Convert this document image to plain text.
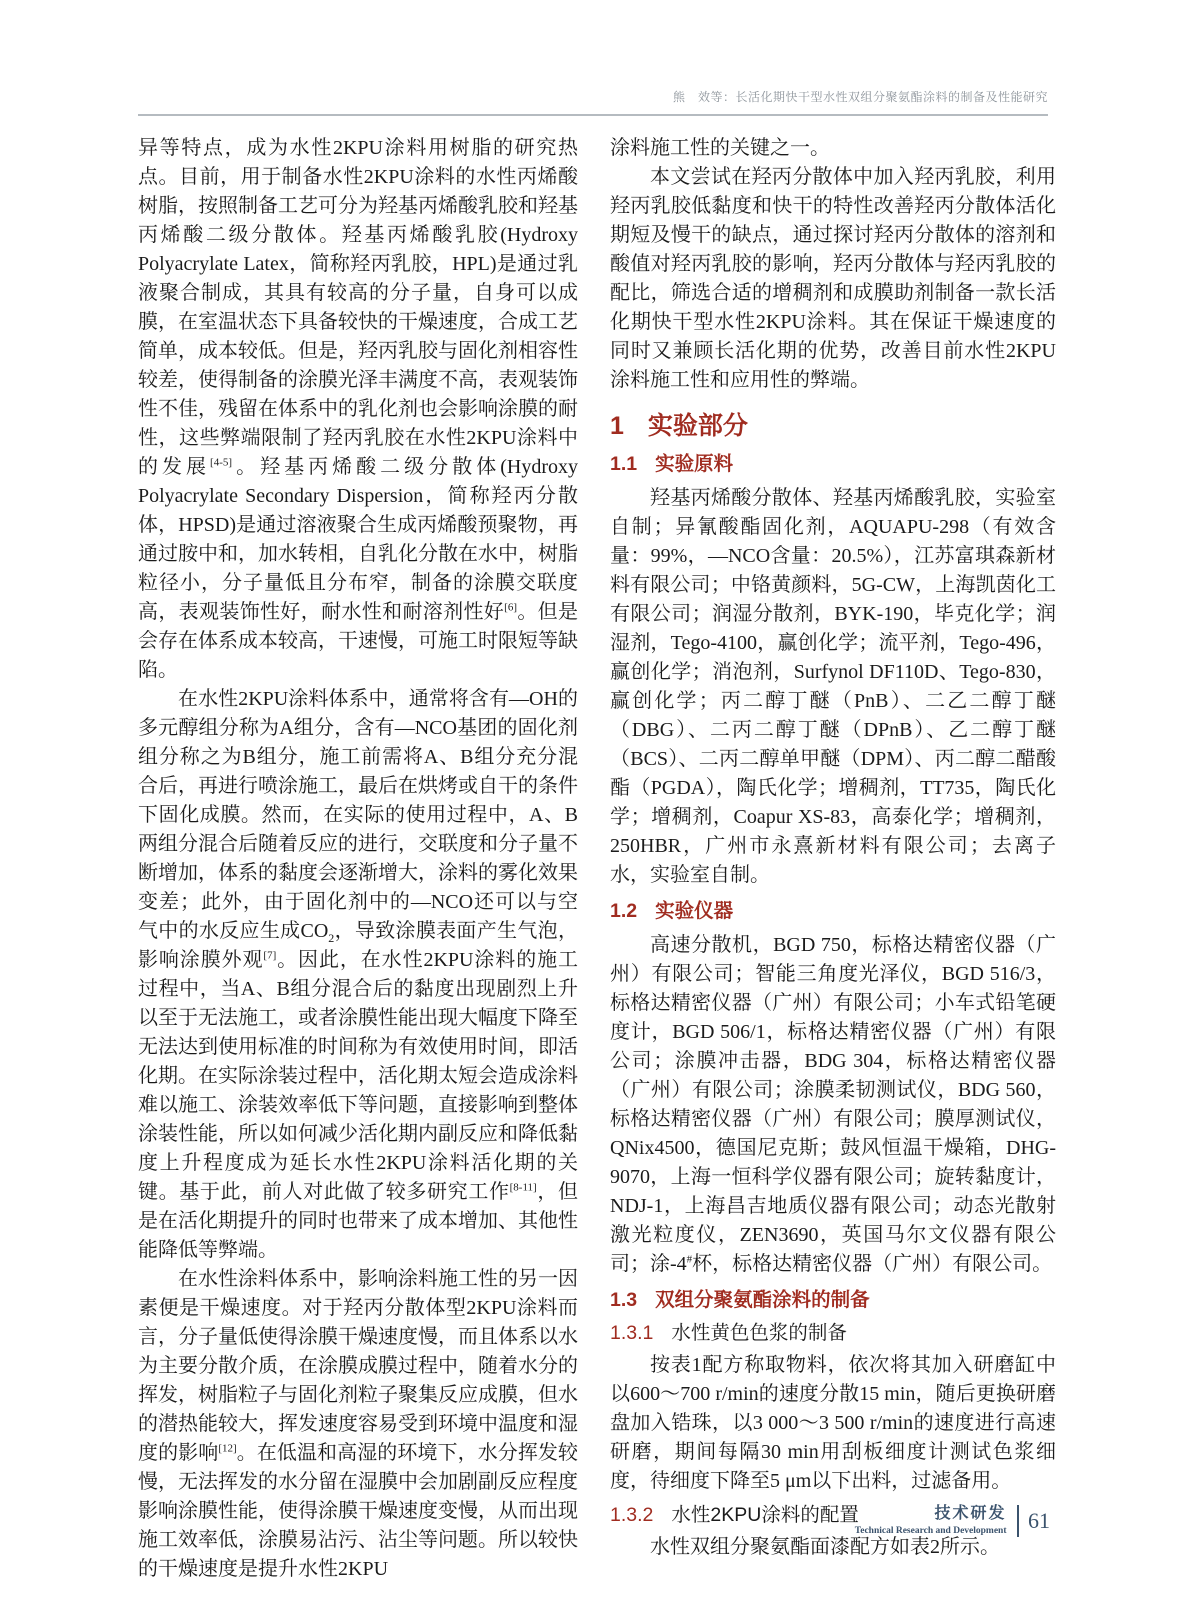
熊　效等：长活化期快干型水性双组分聚氨酯涂料的制备及性能研究

异等特点，成为水性2KPU涂料用树脂的研究热点。目前，用于制备水性2KPU涂料的水性丙烯酸树脂，按照制备工艺可分为羟基丙烯酸乳胶和羟基丙烯酸二级分散体。羟基丙烯酸乳胶(Hydroxy Polyacrylate Latex，简称羟丙乳胶，HPL)是通过乳液聚合制成，其具有较高的分子量，自身可以成膜，在室温状态下具备较快的干燥速度，合成工艺简单，成本较低。但是，羟丙乳胶与固化剂相容性较差，使得制备的涂膜光泽丰满度不高，表观装饰性不佳，残留在体系中的乳化剂也会影响涂膜的耐性，这些弊端限制了羟丙乳胶在水性2KPU涂料中的发展[4-5]。羟基丙烯酸二级分散体(Hydroxy Polyacrylate Secondary Dispersion，简称羟丙分散体，HPSD)是通过溶液聚合生成丙烯酸预聚物，再通过胺中和，加水转相，自乳化分散在水中，树脂粒径小，分子量低且分布窄，制备的涂膜交联度高，表观装饰性好，耐水性和耐溶剂性好[6]。但是会存在体系成本较高，干速慢，可施工时限短等缺陷。

在水性2KPU涂料体系中，通常将含有—OH的多元醇组分称为A组分，含有—NCO基团的固化剂组分称之为B组分，施工前需将A、B组分充分混合后，再进行喷涂施工，最后在烘烤或自干的条件下固化成膜。然而，在实际的使用过程中，A、B两组分混合后随着反应的进行，交联度和分子量不断增加，体系的黏度会逐渐增大，涂料的雾化效果变差；此外，由于固化剂中的—NCO还可以与空气中的水反应生成$CO_2$，导致涂膜表面产生气泡，影响涂膜外观[7]。因此，在水性2KPU涂料的施工过程中，当A、B组分混合后的黏度出现剧烈上升以至于无法施工，或者涂膜性能出现大幅度下降至无法达到使用标准的时间称为有效使用时间，即活化期。在实际涂装过程中，活化期太短会造成涂料难以施工、涂装效率低下等问题，直接影响到整体涂装性能，所以如何减少活化期内副反应和降低黏度上升程度成为延长水性2KPU涂料活化期的关键。基于此，前人对此做了较多研究工作[8-11]，但是在活化期提升的同时也带来了成本增加、其他性能降低等弊端。

在水性涂料体系中，影响涂料施工性的另一因素便是干燥速度。对于羟丙分散体型2KPU涂料而言，分子量低使得涂膜干燥速度慢，而且体系以水为主要分散介质，在涂膜成膜过程中，随着水分的挥发，树脂粒子与固化剂粒子聚集反应成膜，但水的潜热能较大，挥发速度容易受到环境中温度和湿度的影响[12]。在低温和高湿的环境下，水分挥发较慢，无法挥发的水分留在湿膜中会加剧副反应程度影响涂膜性能，使得涂膜干燥速度变慢，从而出现施工效率低，涂膜易沾污、沾尘等问题。所以较快的干燥速度是提升水性2KPU

涂料施工性的关键之一。

本文尝试在羟丙分散体中加入羟丙乳胶，利用羟丙乳胶低黏度和快干的特性改善羟丙分散体活化期短及慢干的缺点，通过探讨羟丙分散体的溶剂和酸值对羟丙乳胶的影响，羟丙分散体与羟丙乳胶的配比，筛选合适的增稠剂和成膜助剂制备一款长活化期快干型水性2KPU涂料。其在保证干燥速度的同时又兼顾长活化期的优势，改善目前水性2KPU涂料施工性和应用性的弊端。

1 实验部分
1.1 实验原料

羟基丙烯酸分散体、羟基丙烯酸乳胶，实验室自制；异氰酸酯固化剂，AQUAPU-298（有效含量：99%，—NCO含量：20.5%），江苏富琪森新材料有限公司；中铬黄颜料，5G-CW，上海凯茵化工有限公司；润湿分散剂，BYK-190，毕克化学；润湿剂，Tego-4100，赢创化学；流平剂，Tego-496，赢创化学；消泡剂，Surfynol DF110D、Tego-830，赢创化学；丙二醇丁醚（PnB）、二乙二醇丁醚（DBG）、二丙二醇丁醚（DPnB）、乙二醇丁醚（BCS）、二丙二醇单甲醚（DPM）、丙二醇二醋酸酯（PGDA），陶氏化学；增稠剂，TT735，陶氏化学；增稠剂，Coapur XS-83，高泰化学；增稠剂，250HBR，广州市永熹新材料有限公司；去离子水，实验室自制。

1.2 实验仪器

高速分散机，BGD 750，标格达精密仪器（广州）有限公司；智能三角度光泽仪，BGD 516/3，标格达精密仪器（广州）有限公司；小车式铅笔硬度计，BGD 506/1，标格达精密仪器（广州）有限公司；涂膜冲击器，BDG 304，标格达精密仪器（广州）有限公司；涂膜柔韧测试仪，BDG 560，标格达精密仪器（广州）有限公司；膜厚测试仪，QNix4500，德国尼克斯；鼓风恒温干燥箱，DHG-9070，上海一恒科学仪器有限公司；旋转黏度计，NDJ-1，上海昌吉地质仪器有限公司；动态光散射激光粒度仪，ZEN3690，英国马尔文仪器有限公司；涂-4#杯，标格达精密仪器（广州）有限公司。

1.3 双组分聚氨酯涂料的制备
1.3.1 水性黄色色浆的制备

按表1配方称取物料，依次将其加入研磨缸中以600～700 r/min的速度分散15 min，随后更换研磨盘加入锆珠，以3 000～3 500 r/min的速度进行高速研磨，期间每隔30 min用刮板细度计测试色浆细度，待细度下降至5 μm以下出料，过滤备用。

1.3.2 水性2KPU涂料的配置

水性双组分聚氨酯面漆配方如表2所示。

技术研发
Technical Research and Development 61
